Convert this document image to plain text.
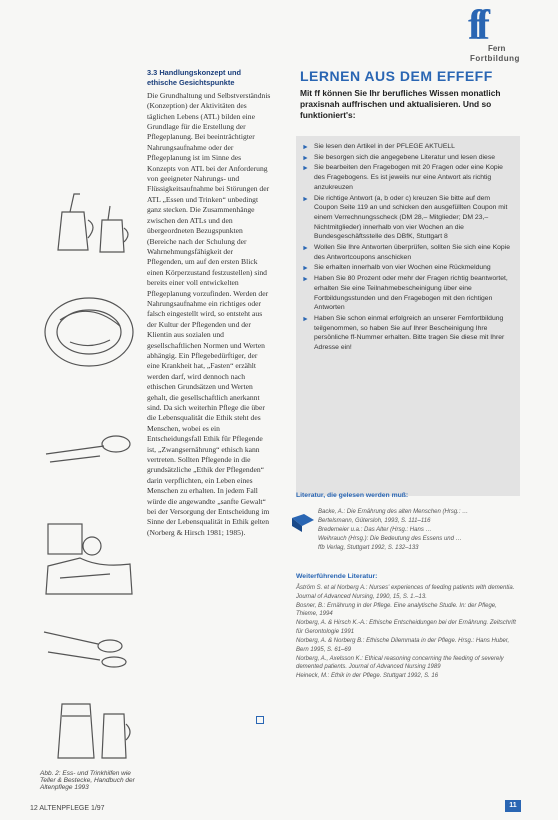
ff Fern
Fortbildung
Abb. 2: Ess- und Trinkhilfen wie Teller & Bestecke, Handbuch der Altenpflege 1993
3.3 Handlungskonzept und ethische Gesichtspunkte

Die Grundhaltung und Selbstverständnis (Konzeption) der Aktivitäten des täglichen Lebens (ATL) bilden eine Grundlage für die Erstellung der Pflegeplanung. Bei beeinträchtigter Nahrungsaufnahme oder der Pflegeplanung ist im Sinne des Konzepts von ATL bei der Anforderung von geeigneter Nahrungs- und Flüssigkeitsaufnahme bei Störungen der ATL „Essen und Trinken“ unbedingt ganz stecken. Die Zusammenhänge zwischen den ATLs und den übergeordneten Bezugspunkten (Bereiche nach der Schulung der Wahrnehmungsfähigkeit der Pflegenden, um auf den ersten Blick einen Körperzustand festzustellen) sind bereits einer voll entwickelten Pflegeplanung vorzufinden. Werden der Nahrungsaufnahme ein richtiges oder falsch eingestellt wird, so entsteht aus der Kultur der Pflegenden und der Klientin aus sozialen und gesellschaftlichen Normen und Werten abhängig. Ein Pflegebedürftiger, der eine Krankheit hat, „Fasten“ erzählt werden darf, wird dennoch nach ethischen Grundsätzen und Werten gehalt, die gesellschaftlich anerkannt sind. Da sich weiterhin Pflege die über die Lebensqualität die Ethik steht des Menschen, wobei es ein Entscheidungsfall Ethik für Pflegende ist, „Zwangsernährung“ ethisch kann vertreten. Sollten Pflegende in die grundsätzliche „Ethik der Pflegenden“ darin verpflichten, ein Leben eines Menschen zu erhalten. In jedem Fall würde die angewandte „sanfte Gewalt“ bei der Versorgung der Entscheidung im Sinne der Lebensqualität in Ethik gelten (Norberg & Hirsch 1981; 1985).

LERNEN AUS DEM EFFEFF
Mit ff können Sie Ihr berufliches Wissen monatlich praxisnah auffrischen und aktualisieren. Und so funktioniert's:
► Sie lesen den Artikel in der PFLEGE AKTUELL
► Sie besorgen sich die angegebene Literatur und lesen diese
► Sie bearbeiten den Fragebogen mit 20 Fragen oder eine Kopie des Fragebogens. Es ist jeweils nur eine Antwort als richtig anzukreuzen
► Die richtige Antwort (a, b oder c) kreuzen Sie bitte auf dem Coupon Seite 119 an und schicken den ausgefüllten Coupon mit einem Verrechnungsscheck (DM 28,– Mitglieder; DM 23,– Nichtmitglieder) innerhalb von vier Wochen an die Bundesgeschäftsstelle des DBfK, Stuttgart 8
► Wollen Sie Ihre Antworten überprüfen, sollten Sie sich eine Kopie des Antwortcoupons anschicken
► Sie erhalten innerhalb von vier Wochen eine Rückmeldung
► Haben Sie 80 Prozent oder mehr der Fragen richtig beantwortet, erhalten Sie eine Teilnahmebescheinigung über eine Fortbildungsstunden und den Fragebogen mit den richtigen Antworten
► Haben Sie schon einmal erfolgreich an unserer Fernfortbildung teilgenommen, so haben Sie auf Ihrer Bescheinigung Ihre persönliche ff-Nummer erhalten. Bitte tragen Sie diese mit Ihrer Adresse ein!
Literatur, die gelesen werden muß:
Backe, A.: Die Ernährung des alten Menschen (Hrsg.: …
Bertelsmann, Gütersloh, 1993, S. 111–116
Bredemeier u.a.: Das Alter (Hrsg.: Hans …
Weihrauch (Hrsg.): Die Bedeutung des Essens und …
ffb Verlag, Stuttgart 1992, S. 132–133
Weiterführende Literatur:
Åström S. et al Norberg A.: Nurses' experiences of feeding patients with dementia. Journal of Advanced Nursing, 1990, 15, S. 1.–13.
Bosner, B.: Ernährung in der Pflege. Eine analytische Studie. In: der Pflege, Thieme, 1994
Norberg, A. & Hirsch K.-A.: Ethische Entscheidungen bei der Ernährung. Zeitschrift für Gerontologie 1991
Norberg, A. & Norberg B.: Ethische Dilemmata in der Pflege. Hrsg.: Hans Huber, Bern 1995, S. 61–69
Norberg, A., Axelsson K.: Ethical reasoning concerning the feeding of severely demented patients. Journal of Advanced Nursing 1989
Heineck, M.: Ethik in der Pflege. Stuttgart 1992, S. 16
12 ALTENPFLEGE 1/97	11
